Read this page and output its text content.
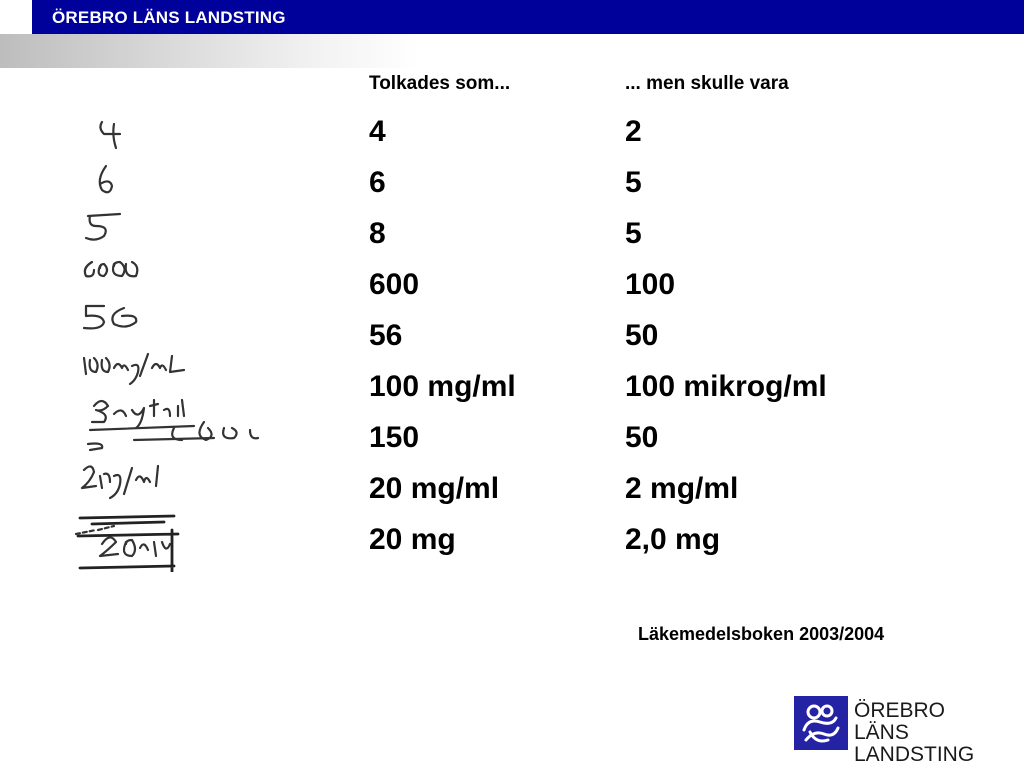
ÖREBRO LÄNS LANDSTING
Tolkades som...	... men skulle vara
4	2
6	5
8	5
600	100
56	50
100 mg/ml	100 mikrog/ml
150	50
20 mg/ml	2 mg/ml
20 mg	2,0 mg
Läkemedelsboken 2003/2004
ÖREBRO LÄNS
LANDSTING
